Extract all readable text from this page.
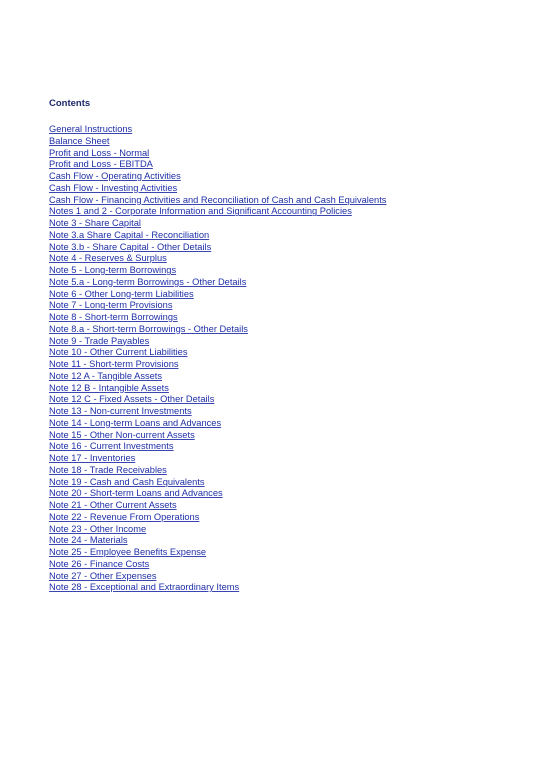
Contents
General Instructions
Balance Sheet
Profit and Loss - Normal
Profit and Loss - EBITDA
Cash Flow - Operating Activities
Cash Flow - Investing Activities
Cash Flow - Financing Activities and Reconciliation of Cash and Cash Equivalents
Notes 1 and 2 - Corporate Information and Significant Accounting Policies
Note 3 - Share Capital
Note 3.a Share Capital - Reconciliation
Note 3.b - Share Capital - Other Details
Note 4 - Reserves & Surplus
Note 5 - Long-term Borrowings
Note 5.a - Long-term Borrowings - Other Details
Note 6 - Other Long-term Liabilities
Note 7 - Long-term Provisions
Note 8 - Short-term Borrowings
Note 8.a - Short-term Borrowings - Other Details
Note 9 - Trade Payables
Note 10 - Other Current Liabilities
Note 11 - Short-term Provisions
Note 12 A - Tangible Assets
Note 12 B - Intangible Assets
Note 12 C - Fixed Assets - Other Details
Note 13 - Non-current Investments
Note 14 - Long-term Loans and Advances
Note 15 - Other Non-current Assets
Note 16 - Current Investments
Note 17 - Inventories
Note 18 - Trade Receivables
Note 19 - Cash and Cash Equivalents
Note 20 - Short-term Loans and Advances
Note 21 - Other Current Assets
Note 22 - Revenue From Operations
Note 23 - Other Income
Note 24 - Materials
Note 25 - Employee Benefits Expense
Note 26 - Finance Costs
Note 27 - Other Expenses
Note 28 - Exceptional and Extraordinary Items
